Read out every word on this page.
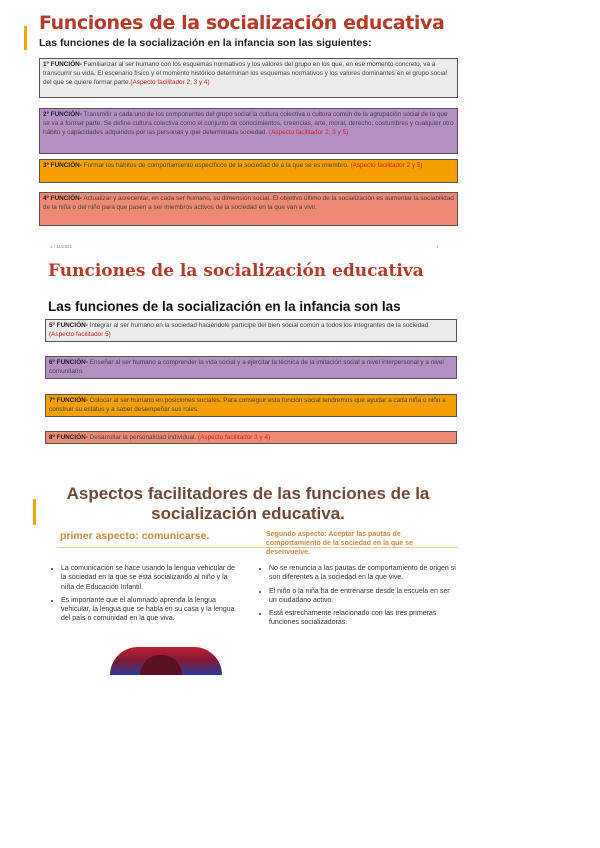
Funciones de la socialización educativa
Las funciones de la socialización en la infancia son las siguientes:
1º FUNCIÓN- Familiarizar al ser humano con los esquemas normativos y los valores del grupo en los que, en ese momento concreto, va a transcurrir su vida. El escenario físico y el momento histórico determinan los esquemas normativos y los valores dominantes en el grupo social del que se quiere formar parte.(Aspecto facilitador 2, 3 y 4)
2º FUNCIÓN- Transmitir a cada uno de los componentes del grupo social la cultura colectiva o cultura común de la agrupación social de la que se va a formar parte. Se define cultura colectiva como el conjunto de conocimientos, creencias, arte, moral, derecho, costumbres y cualquier otro hábito y capacidades adquiridos por las personas y que determinada sociedad. (Aspecto facilitador 2, 3 y 5)
3º FUNCIÓN- Formar los hábitos de comportamiento específicos de la sociedad de a la que se es miembro. (Aspecto facilitador 2 y 5)
4º FUNCIÓN- Actualizar y acrecentar, en cada ser humano, su dimensión social. El objetivo último de la socialización es aumentar la sociabilidad de la niña o del niño para que pasen a ser miembros activos de la sociedad en la que van a vivir.
1 / 11/2021	1
Funciones de la socialización educativa
Las funciones de la socialización en la infancia son las
5º FUNCIÓN- Integrar al ser humano en la sociedad haciéndole partícipe del bien social común a todos los integrantes de la sociedad.(Aspecto facilitador 5)
6º FUNCIÓN- Enseñar al ser humano a comprender la vida social y a ejercitar la técnica de la imitación social a nivel interpersonal y a nivel comunitario.
7º FUNCIÓN- Colocar al ser humano en posiciones sociales. Para conseguir esta función social tendremos que ayudar a cada niña o niño a construir su estatus y a saber desempeñar sus roles.
8º FUNCIÓN- Desarrollar la personalidad individual. (Aspecto facilitador 3 y 4)
Aspectos facilitadores de las funciones de la socialización educativa.
primer aspecto: comunicarse.	Segundo aspecto: Aceptar las pautas de comportamiento de la sociedad en la que se desenvuelve.
• La comunicación se hace usando la lengua vehicular de la sociedad en la que se está socializando al niño y la niña de Educación Infantil.
• Es importante que el alumnado aprenda la lengua vehicular, la lengua que se habla en su casa y la lengua del país o comunidad en la que viva.
• No se renuncia a las pautas de comportamiento de origen si son diferentes a la sociedad en la que vive.
• El niño o la niña ha de entrenarse desde la escuela en ser un ciudadano activo.
• Está estrechamente relacionado con las tres primeras funciones socializadoras.
